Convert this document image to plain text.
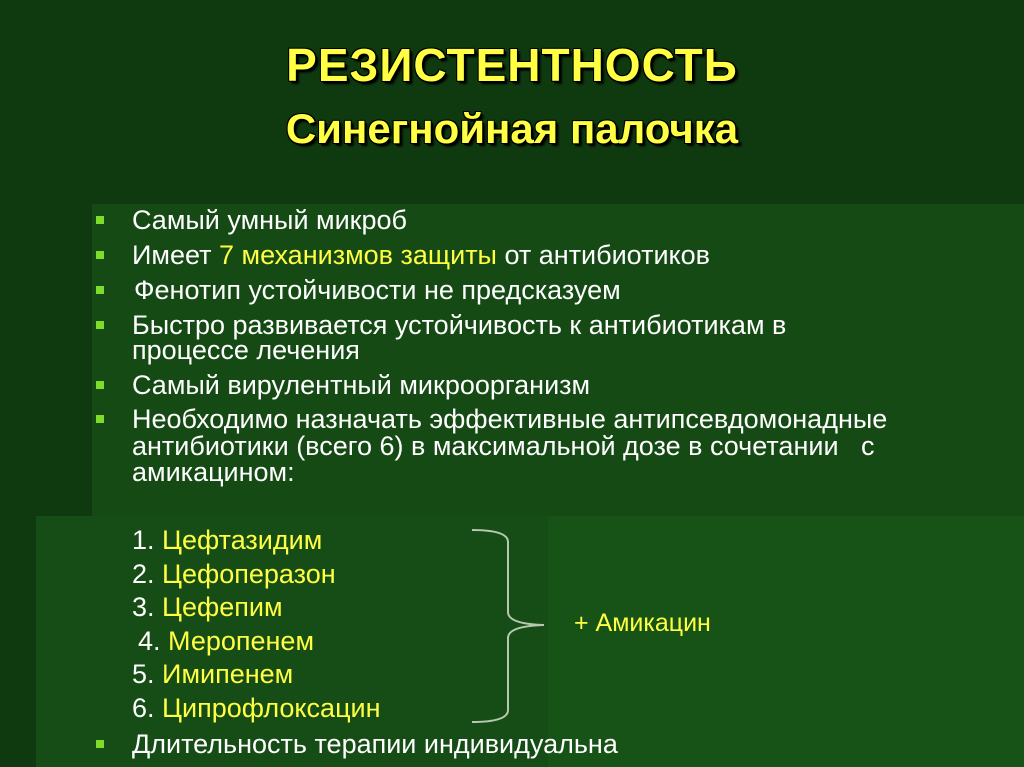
РЕЗИСТЕНТНОСТЬ
Синегнойная палочка
Самый умный микроб
Имеет 7 механизмов защиты от антибиотиков
Фенотип устойчивости не предсказуем
Быстро развивается устойчивость к антибиотикам в
процессе лечения
Самый вирулентный микроорганизм
Необходимо назначать эффективные антипсевдомонадные
антибиотики (всего 6) в максимальной дозе в сочетании   с
амикацином:
1. Цефтазидим
2. Цефоперазон
3. Цефепим
4. Меропенем
5. Имипенем
6. Ципрофлоксацин
+ Амикацин
Длительность терапии индивидуальна
